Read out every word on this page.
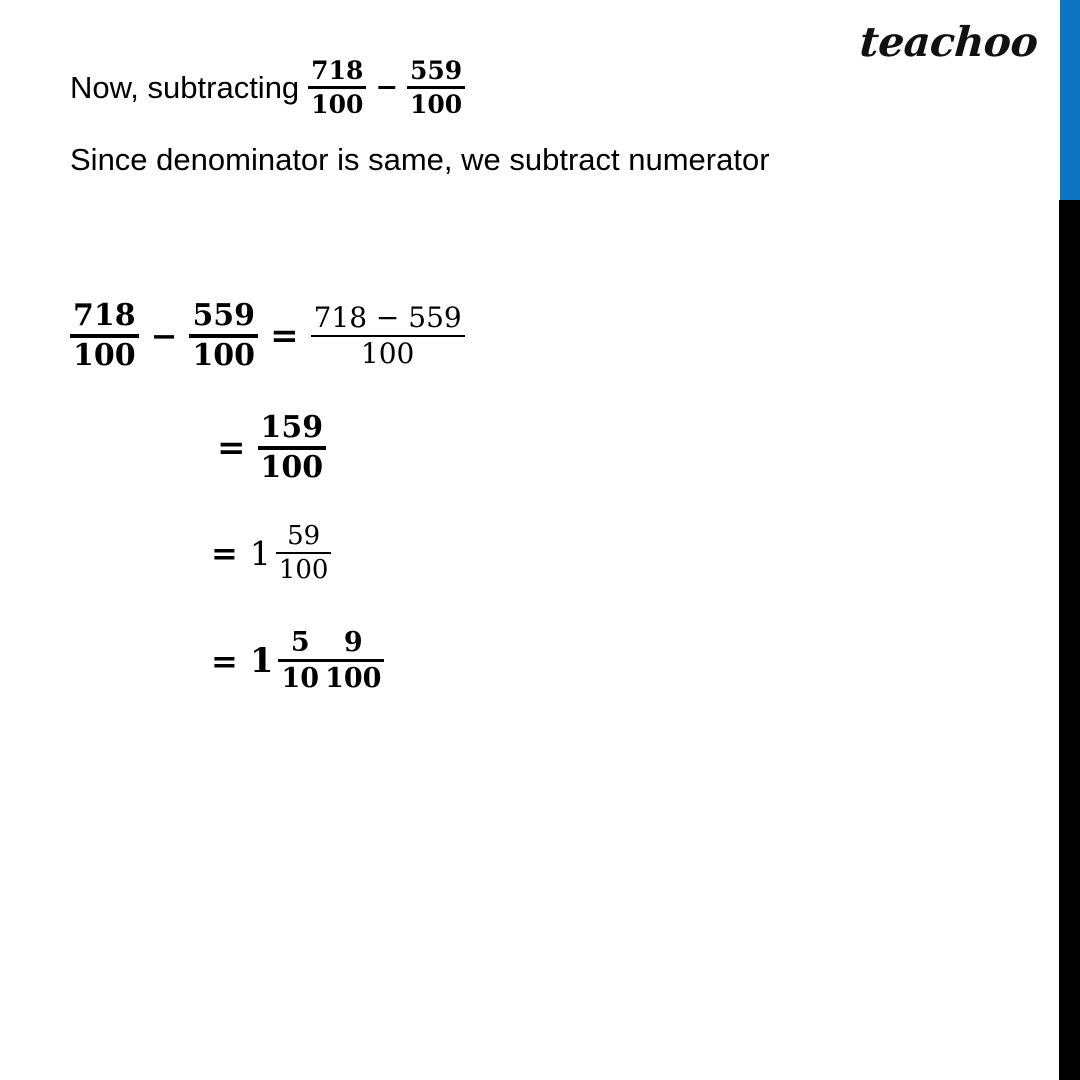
teachoo
Now, subtracting $\frac{718}{100} - \frac{559}{100}$
Since denominator is same, we subtract numerator
$\frac{718}{100} - \frac{559}{100} = \frac{718 - 559}{100}$
= $\frac{159}{100}$
= $1 \frac{59}{100}$
= $1 \frac{5}{10} \frac{9}{100}$
